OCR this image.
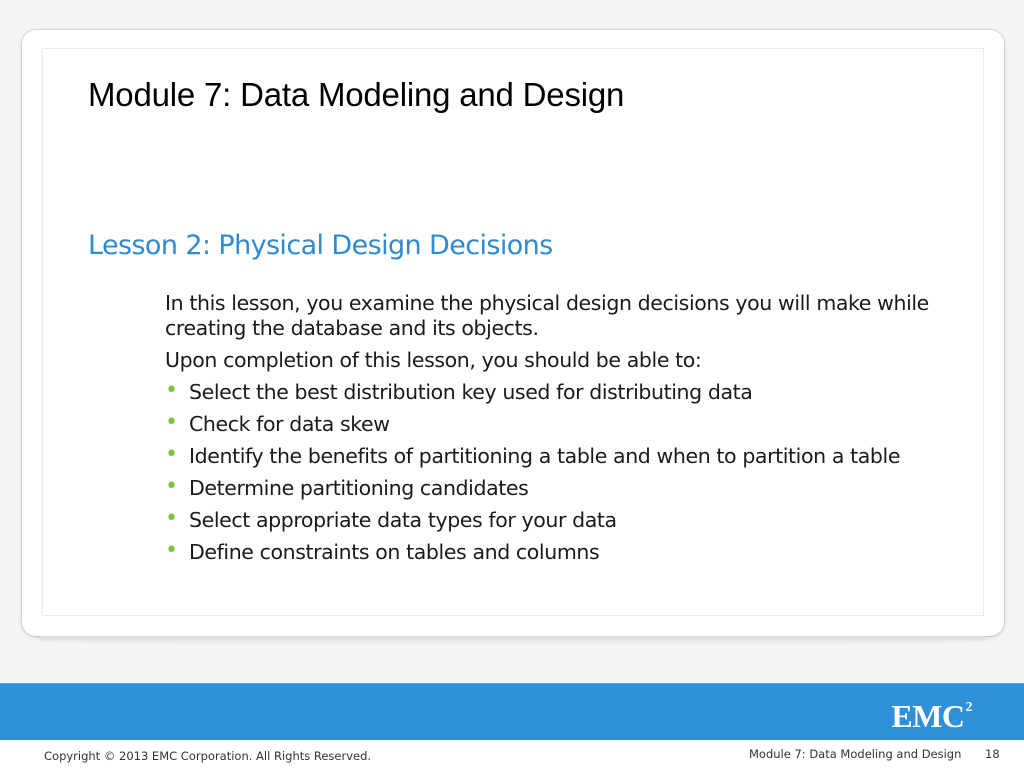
Module 7: Data Modeling and Design
Lesson 2: Physical Design Decisions
In this lesson, you examine the physical design decisions you will make while creating the database and its objects.
Upon completion of this lesson, you should be able to:
• Select the best distribution key used for distributing data
• Check for data skew
• Identify the benefits of partitioning a table and when to partition a table
• Determine partitioning candidates
• Select appropriate data types for your data
• Define constraints on tables and columns
EMC$^2$
Copyright © 2013 EMC Corporation. All Rights Reserved.	Module 7: Data Modeling and Design 18
